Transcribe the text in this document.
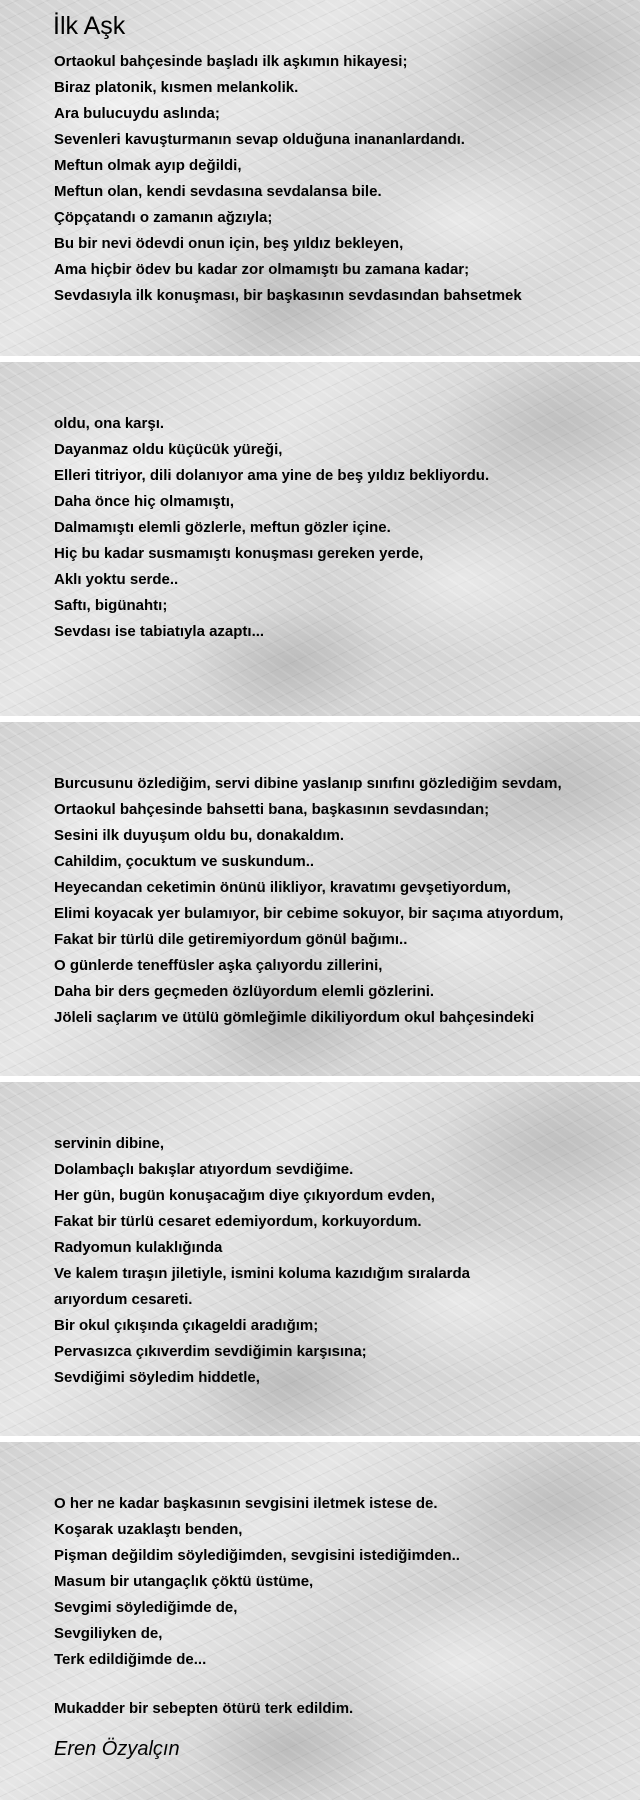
İlk Aşk
Ortaokul bahçesinde başladı ilk aşkımın hikayesi;
Biraz platonik, kısmen melankolik.
Ara bulucuydu aslında;
Sevenleri kavuşturmanın sevap olduğuna inananlardandı.
Meftun olmak ayıp değildi,
Meftun olan, kendi sevdasına sevdalansa bile.
Çöpçatandı o zamanın ağzıyla;
Bu bir nevi ödevdi onun için, beş yıldız bekleyen,
Ama hiçbir ödev bu kadar zor olmamıştı bu zamana kadar;
Sevdasıyla ilk konuşması, bir başkasının sevdasından bahsetmek
oldu, ona karşı.
Dayanmaz oldu küçücük yüreği,
Elleri titriyor, dili dolanıyor ama yine de beş yıldız bekliyordu.
Daha önce hiç olmamıştı,
Dalmamıştı elemli gözlerle, meftun gözler içine.
Hiç bu kadar susmamıştı konuşması gereken yerde,
Aklı yoktu serde..
Saftı, bigünahtı;
Sevdası ise tabiatıyla azaptı...
Burcusunu özlediğim, servi dibine yaslanıp sınıfını gözlediğim sevdam,
Ortaokul bahçesinde bahsetti bana, başkasının sevdasından;
Sesini ilk duyuşum oldu bu, donakaldım.
Cahildim, çocuktum ve suskundum..
Heyecandan ceketimin önünü ilikliyor, kravatımı gevşetiyordum,
Elimi koyacak yer bulamıyor, bir cebime sokuyor, bir saçıma atıyordum,
Fakat bir türlü dile getiremiyordum gönül bağımı..
O günlerde teneffüsler aşka çalıyordu zillerini,
Daha bir ders geçmeden özlüyordum elemli gözlerini.
Jöleli saçlarım ve ütülü gömleğimle dikiliyordum okul bahçesindeki
servinin dibine,
Dolambaçlı bakışlar atıyordum sevdiğime.
Her gün, bugün konuşacağım diye çıkıyordum evden,
Fakat bir türlü cesaret edemiyordum, korkuyordum.
Radyomun kulaklığında
Ve kalem tıraşın jiletiyle, ismini koluma kazıdığım sıralarda
arıyordum cesareti.
Bir okul çıkışında çıkageldi aradığım;
Pervasızca çıkıverdim sevdiğimin karşısına;
Sevdiğimi söyledim hiddetle,
O her ne kadar başkasının sevgisini iletmek istese de.
Koşarak uzaklaştı benden,
Pişman değildim söylediğimden, sevgisini istediğimden..
Masum bir utangaçlık çöktü üstüme,
Sevgimi söylediğimde de,
Sevgiliyken de,
Terk edildiğimde de...
Mukadder bir sebepten ötürü terk edildim.
Eren Özyalçın
